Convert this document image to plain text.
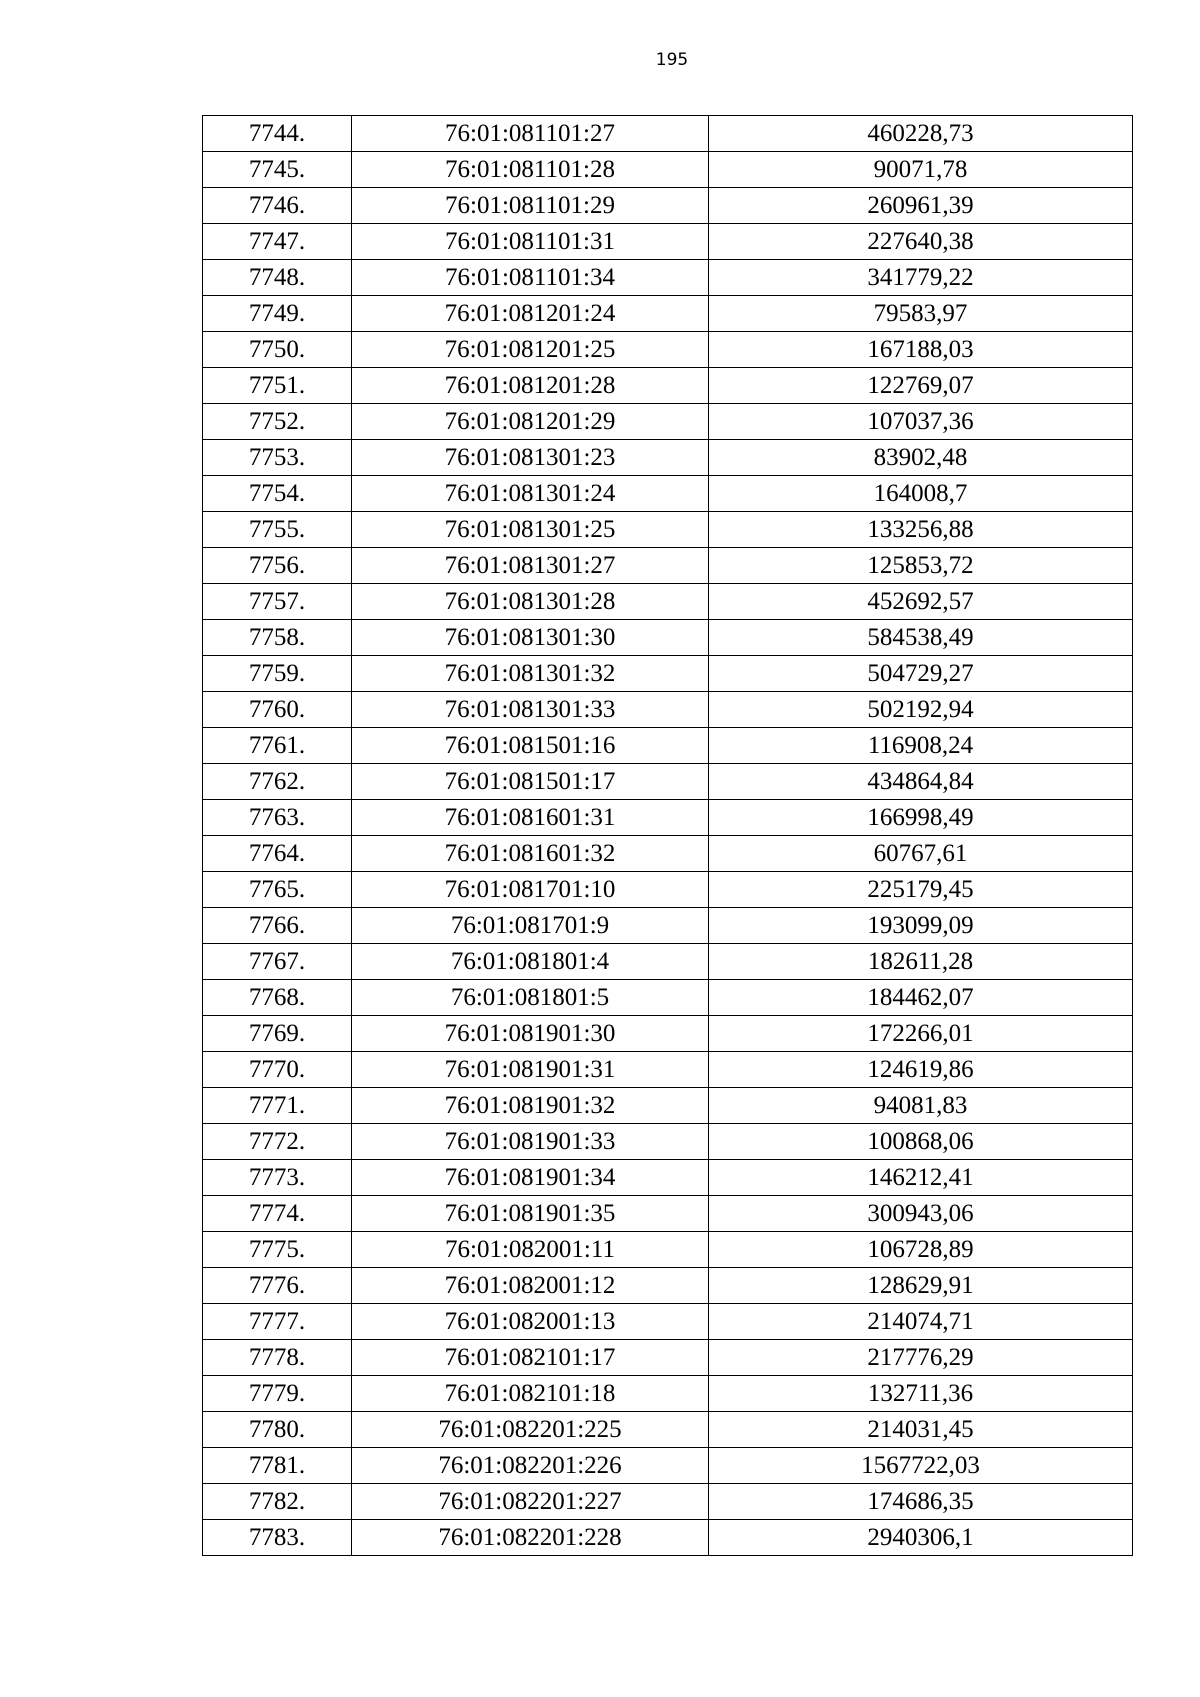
195
7744.	76:01:081101:27	460228,73
7745.	76:01:081101:28	90071,78
7746.	76:01:081101:29	260961,39
7747.	76:01:081101:31	227640,38
7748.	76:01:081101:34	341779,22
7749.	76:01:081201:24	79583,97
7750.	76:01:081201:25	167188,03
7751.	76:01:081201:28	122769,07
7752.	76:01:081201:29	107037,36
7753.	76:01:081301:23	83902,48
7754.	76:01:081301:24	164008,7
7755.	76:01:081301:25	133256,88
7756.	76:01:081301:27	125853,72
7757.	76:01:081301:28	452692,57
7758.	76:01:081301:30	584538,49
7759.	76:01:081301:32	504729,27
7760.	76:01:081301:33	502192,94
7761.	76:01:081501:16	116908,24
7762.	76:01:081501:17	434864,84
7763.	76:01:081601:31	166998,49
7764.	76:01:081601:32	60767,61
7765.	76:01:081701:10	225179,45
7766.	76:01:081701:9	193099,09
7767.	76:01:081801:4	182611,28
7768.	76:01:081801:5	184462,07
7769.	76:01:081901:30	172266,01
7770.	76:01:081901:31	124619,86
7771.	76:01:081901:32	94081,83
7772.	76:01:081901:33	100868,06
7773.	76:01:081901:34	146212,41
7774.	76:01:081901:35	300943,06
7775.	76:01:082001:11	106728,89
7776.	76:01:082001:12	128629,91
7777.	76:01:082001:13	214074,71
7778.	76:01:082101:17	217776,29
7779.	76:01:082101:18	132711,36
7780.	76:01:082201:225	214031,45
7781.	76:01:082201:226	1567722,03
7782.	76:01:082201:227	174686,35
7783.	76:01:082201:228	2940306,1
